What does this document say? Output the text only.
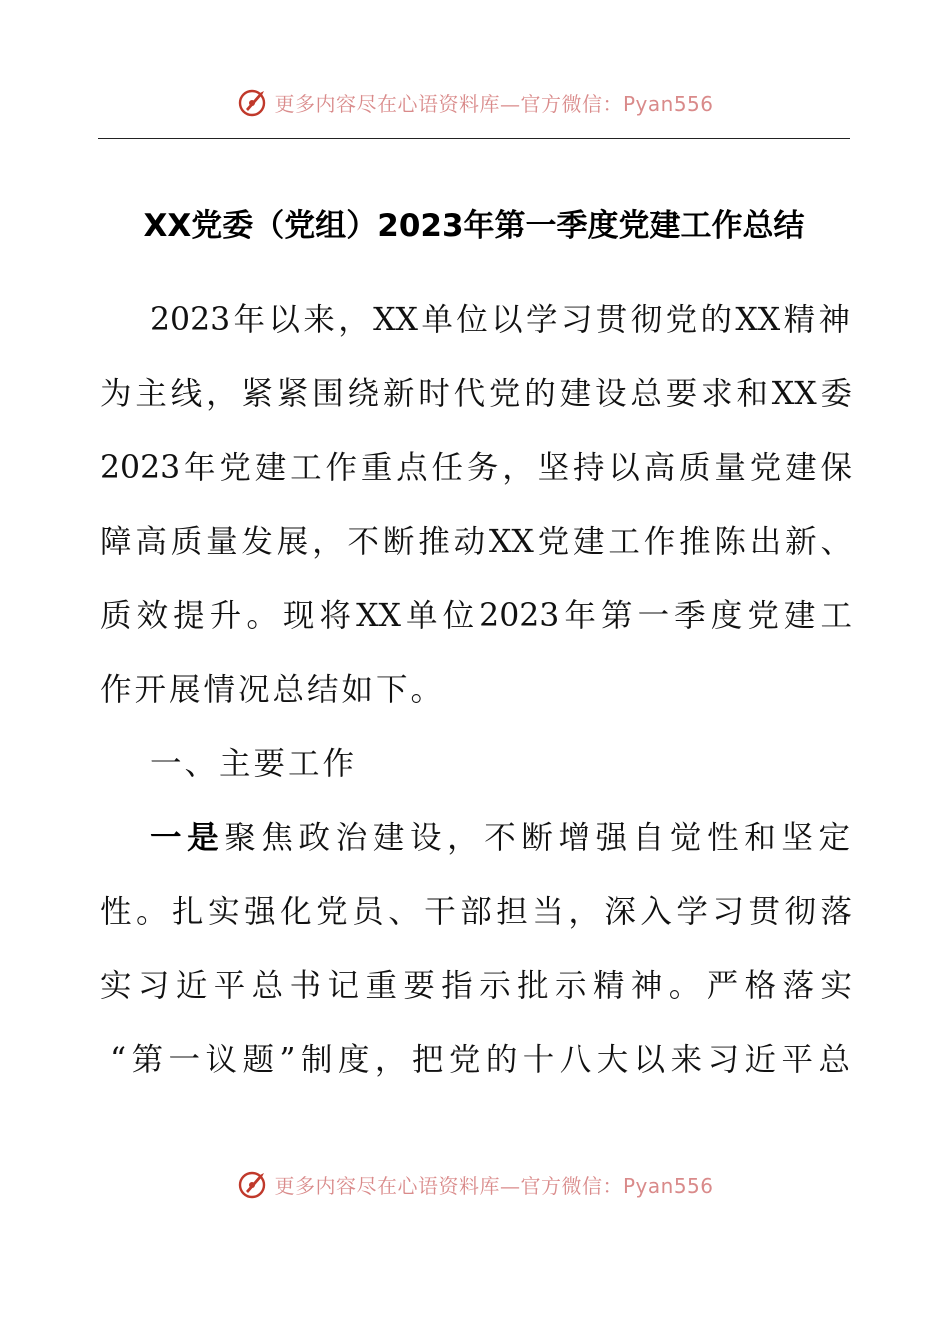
更多内容尽在心语资料库—官方微信：Pyan556
XX党委（党组）2023年第一季度党建工作总结
2023年以来，XX单位以学习贯彻党的XX精神
为主线，紧紧围绕新时代党的建设总要求和XX委
2023年党建工作重点任务，坚持以高质量党建保
障高质量发展，不断推动XX党建工作推陈出新、
质效提升。现将XX单位2023年第一季度党建工
作开展情况总结如下。
一、主要工作
一是聚焦政治建设，不断增强自觉性和坚定
性。扎实强化党员、干部担当，深入学习贯彻落
实习近平总书记重要指示批示精神。严格落实
“第一议题”制度，把党的十八大以来习近平总
更多内容尽在心语资料库—官方微信：Pyan556
